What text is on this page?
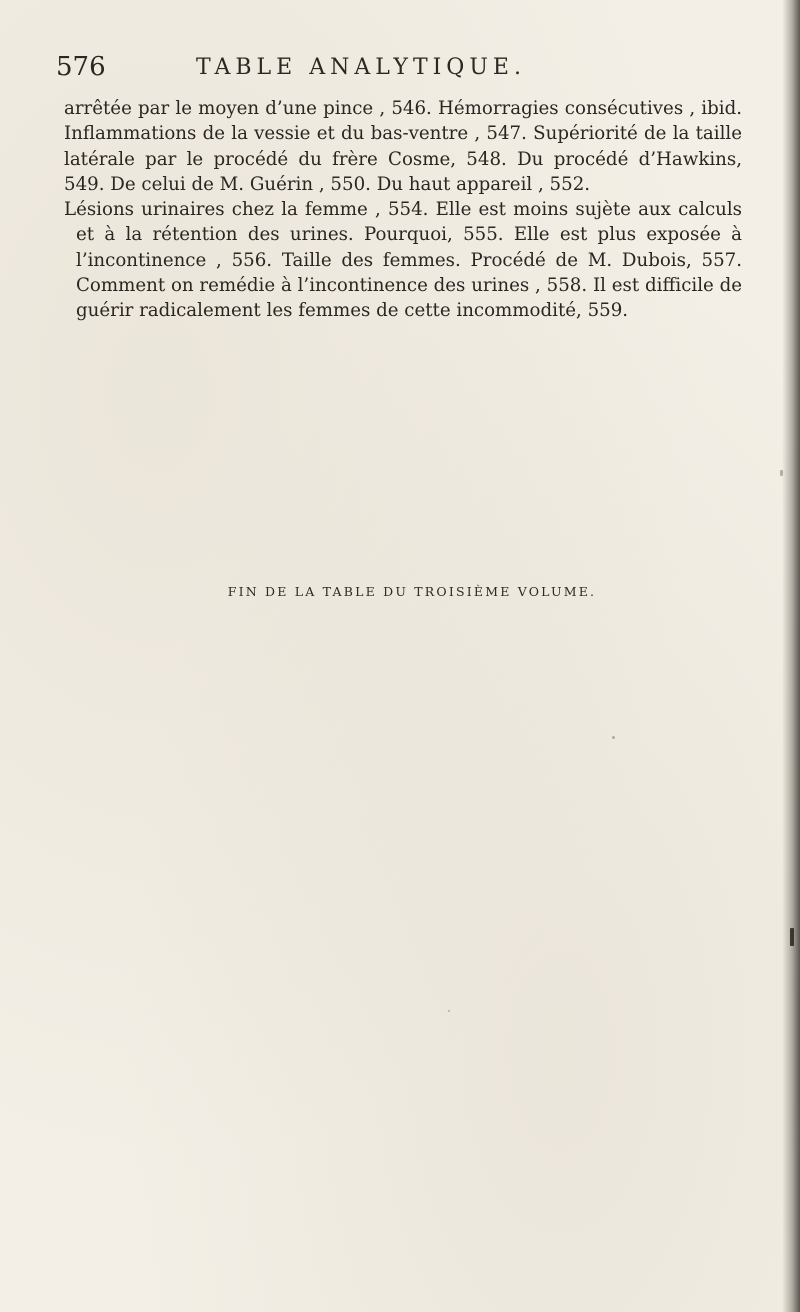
576	TABLE ANALYTIQUE.

arrêtée par le moyen d’une pince , 546. Hémorragies consécutives , ibid. Inflammations de la vessie et du bas-ventre , 547. Supériorité de la taille latérale par le procédé du frère Cosme, 548. Du procédé d’Hawkins, 549. De celui de M. Guérin , 550. Du haut appareil , 552.

Lésions urinaires chez la femme , 554. Elle est moins sujète aux calculs et à la rétention des urines. Pourquoi, 555. Elle est plus exposée à l’incontinence , 556. Taille des femmes. Procédé de M. Dubois, 557. Comment on remédie à l’incontinence des urines , 558. Il est difficile de guérir radicalement les femmes de cette incommodité, 559.

FIN DE LA TABLE DU TROISIÈME VOLUME.
